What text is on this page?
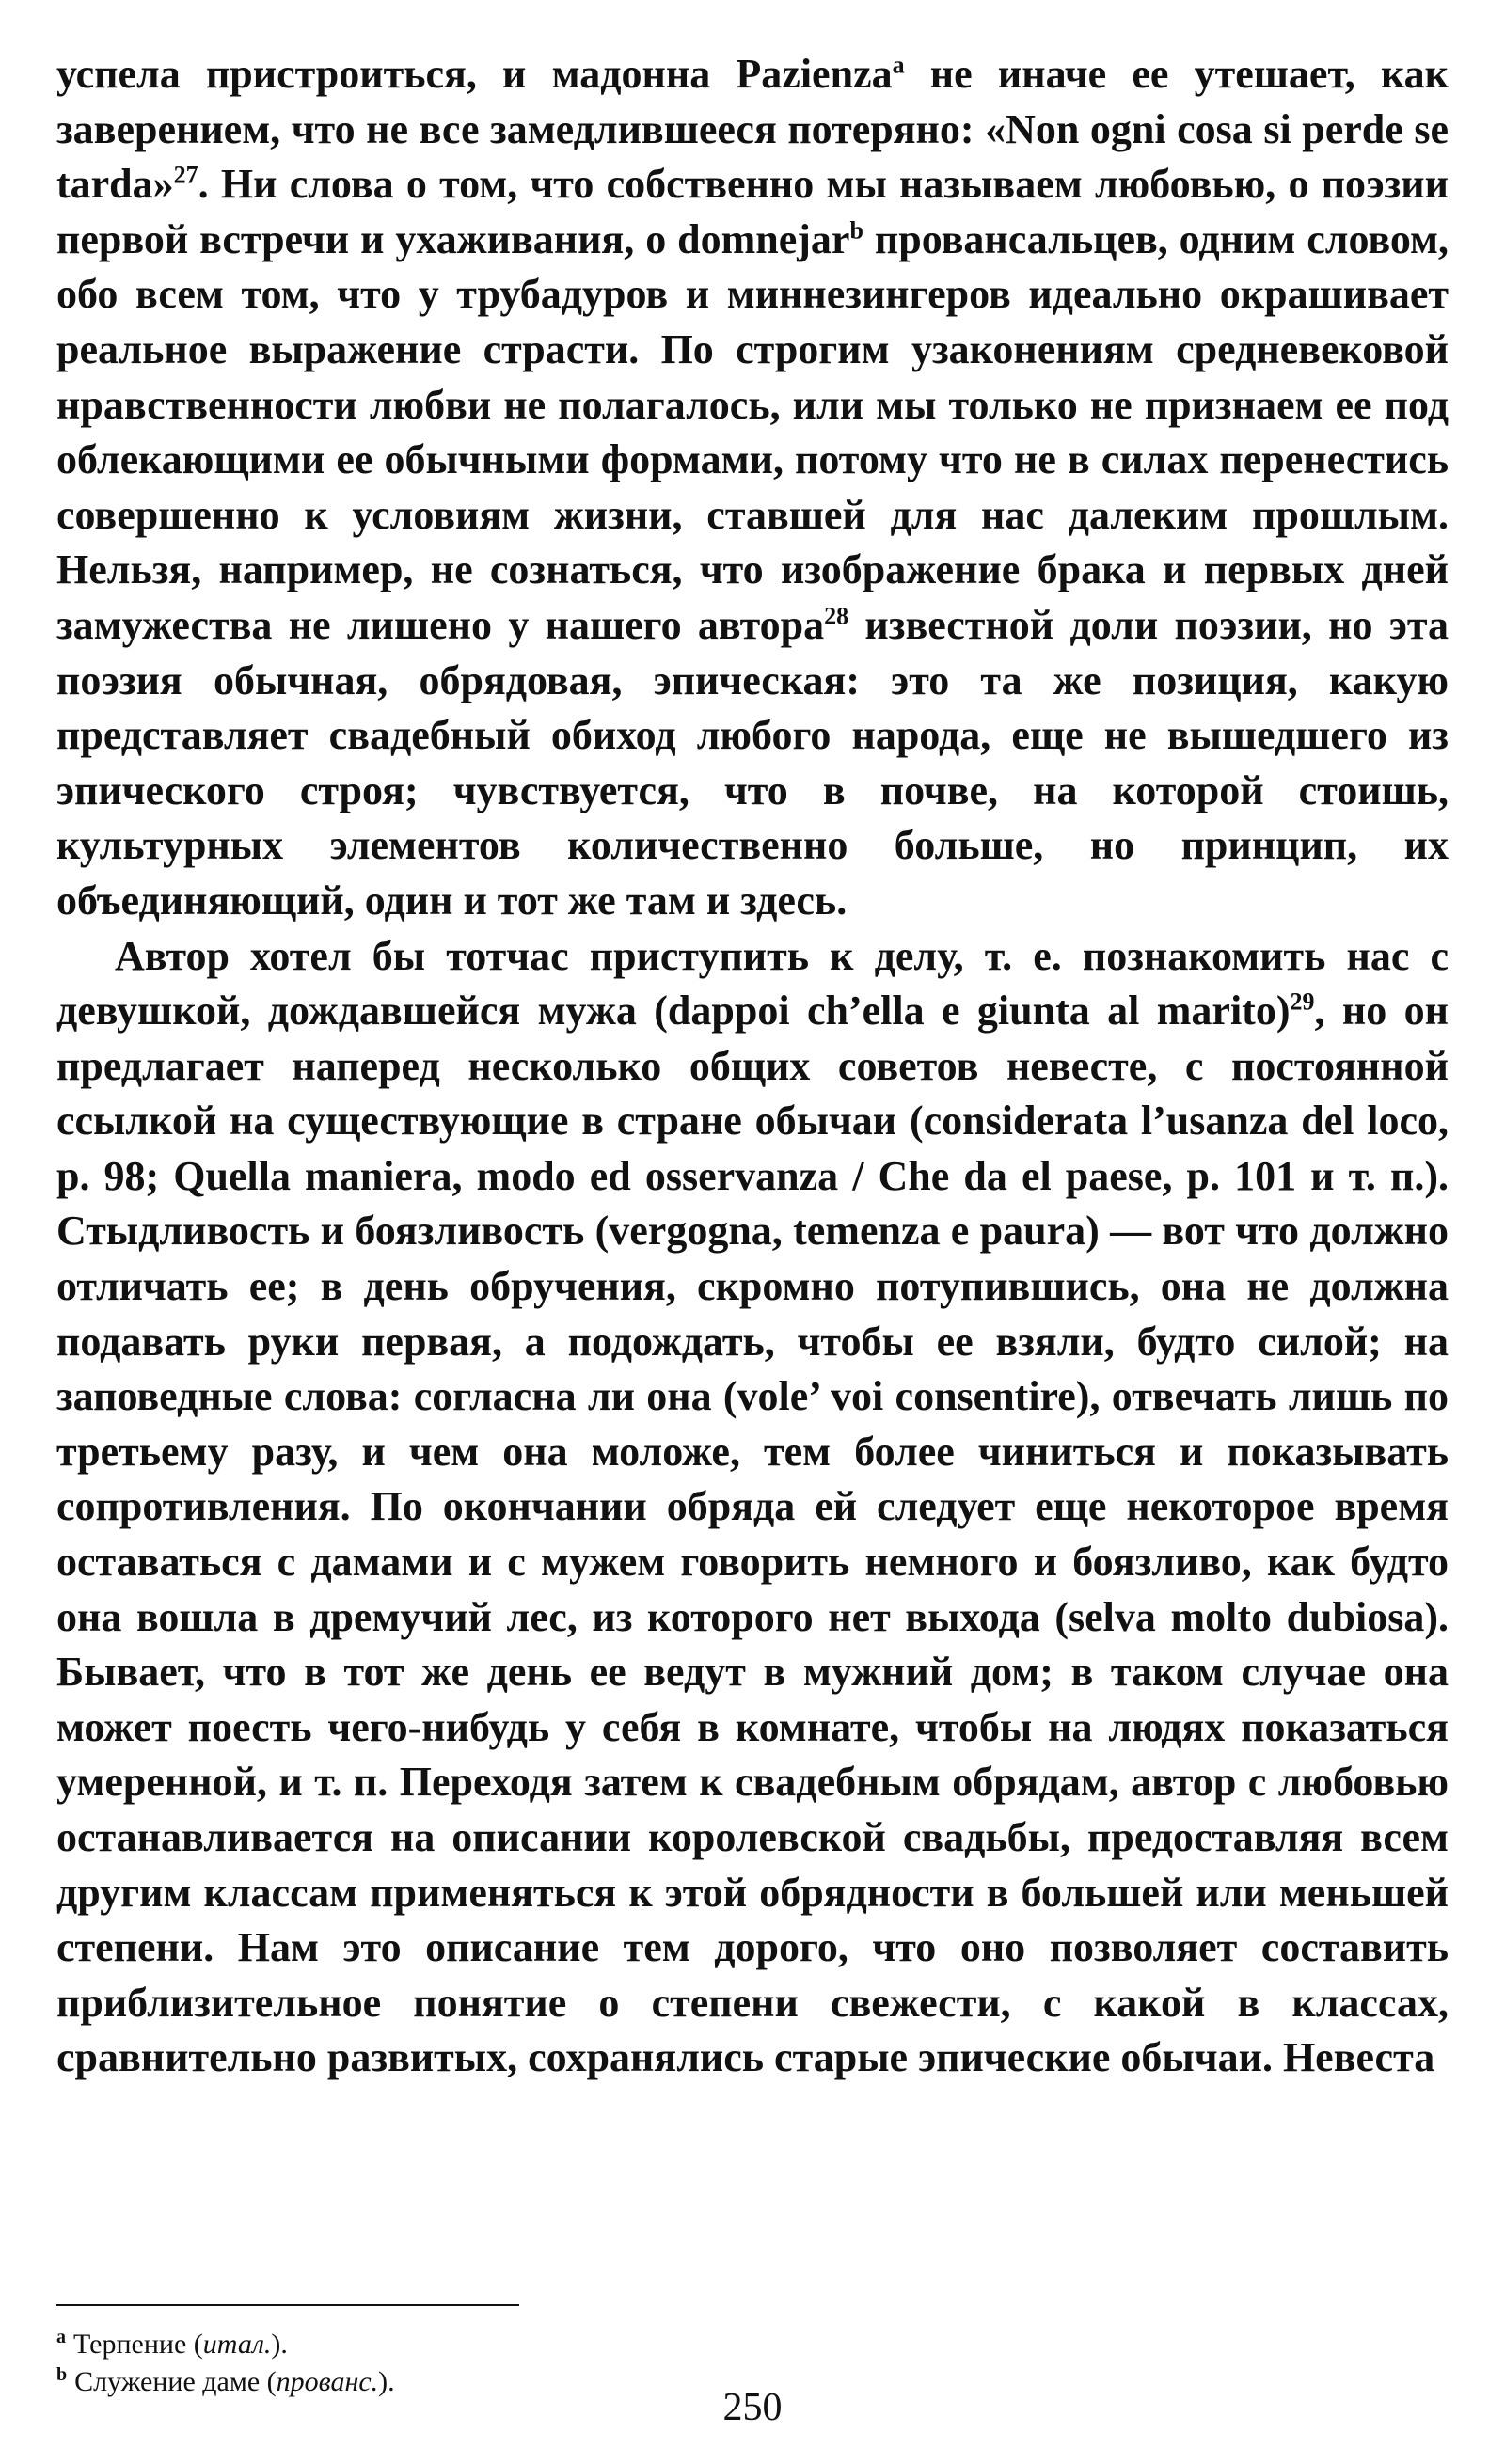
успела пристроиться, и мадонна Pazienza$^a$ не иначе ее утешает, как заверением, что не все замедлившееся потеряно: «Non ogni cosa si perde se tarda»$^{27}$. Ни слова о том, что собственно мы называем любовью, о поэзии первой встречи и ухаживания, о domnejar$^b$ провансальцев, одним словом, обо всем том, что у трубадуров и миннезингеров идеально окрашивает реальное выражение страсти. По строгим узаконениям средневековой нравственности любви не полагалось, или мы только не признаем ее под облекающими ее обычными формами, потому что не в силах перенестись совершенно к условиям жизни, ставшей для нас далеким прошлым. Нельзя, например, не сознаться, что изображение брака и первых дней замужества не лишено у нашего автора$^{28}$ известной доли поэзии, но эта поэзия обычная, обрядовая, эпическая: это та же позиция, какую представляет свадебный обиход любого народа, еще не вышедшего из эпического строя; чувствуется, что в почве, на которой стоишь, культурных элементов количественно больше, но принцип, их объединяющий, один и тот же там и здесь.

Автор хотел бы тотчас приступить к делу, т. е. познакомить нас с девушкой, дождавшейся мужа (dappoi ch’ella e giunta al marito)$^{29}$, но он предлагает наперед несколько общих советов невесте, с постоянной ссылкой на существующие в стране обычаи (considerata l’usanza del loco, p. 98; Quella maniera, modo ed osservanza / Che da el paese, p. 101 и т. п.). Стыдливость и боязливость (vergogna, temenza e paura) — вот что должно отличать ее; в день обручения, скромно потупившись, она не должна подавать руки первая, а подождать, чтобы ее взяли, будто силой; на заповедные слова: согласна ли она (vole’ voi consentire), отвечать лишь по третьему разу, и чем она моложе, тем более чиниться и показывать сопротивления. По окончании обряда ей следует еще некоторое время оставаться с дамами и с мужем говорить немного и боязливо, как будто она вошла в дремучий лес, из которого нет выхода (selva molto dubiosa). Бывает, что в тот же день ее ведут в мужний дом; в таком случае она может поесть чего-нибудь у себя в комнате, чтобы на людях показаться умеренной, и т. п. Переходя затем к свадебным обрядам, автор с любовью останавливается на описании королевской свадьбы, предоставляя всем другим классам применяться к этой обрядности в большей или меньшей степени. Нам это описание тем дорого, что оно позволяет составить приблизительное понятие о степени свежести, с какой в классах, сравнительно развитых, сохранялись старые эпические обычаи. Невеста

$^a$ Терпение (итал.).
$^b$ Служение даме (прованс.).
250
